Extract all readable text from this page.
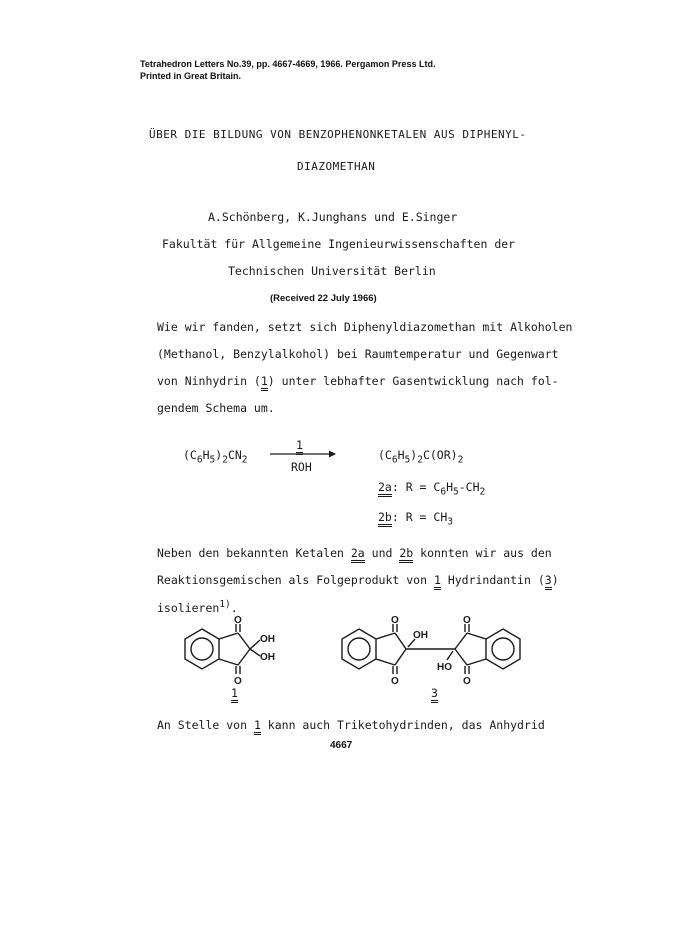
Tetrahedron Letters No.39, pp. 4667-4669, 1966. Pergamon Press Ltd.
Printed in Great Britain.
ÜBER DIE BILDUNG VON BENZOPHENONKETALEN AUS DIPHENYL-
DIAZOMETHAN
A.Schönberg, K.Junghans und E.Singer
Fakultät für Allgemeine Ingenieurwissenschaften der
Technischen Universität Berlin
(Received 22 July 1966)
Wie wir fanden, setzt sich Diphenyldiazomethan mit Alkoholen
(Methanol, Benzylalkohol) bei Raumtemperatur und Gegenwart
von Ninhydrin (1) unter lebhafter Gasentwicklung nach fol-
gendem Schema um.
$(C_6H_5)_2CN_2$
1
ROH
$(C_6H_5)_2C(OR)_2$
2a: $R = C_6H_5-CH_2$
2b: $R = CH_3$
Neben den bekannten Ketalen 2a und 2b konnten wir aus den
Reaktionsgemischen als Folgeprodukt von 1 Hydrindantin (3)
isolieren$^{1)}$.
O
O
OH
OH
1
O
O
O
O
OH
HO
3
An Stelle von 1 kann auch Triketohydrinden, das Anhydrid
4667
